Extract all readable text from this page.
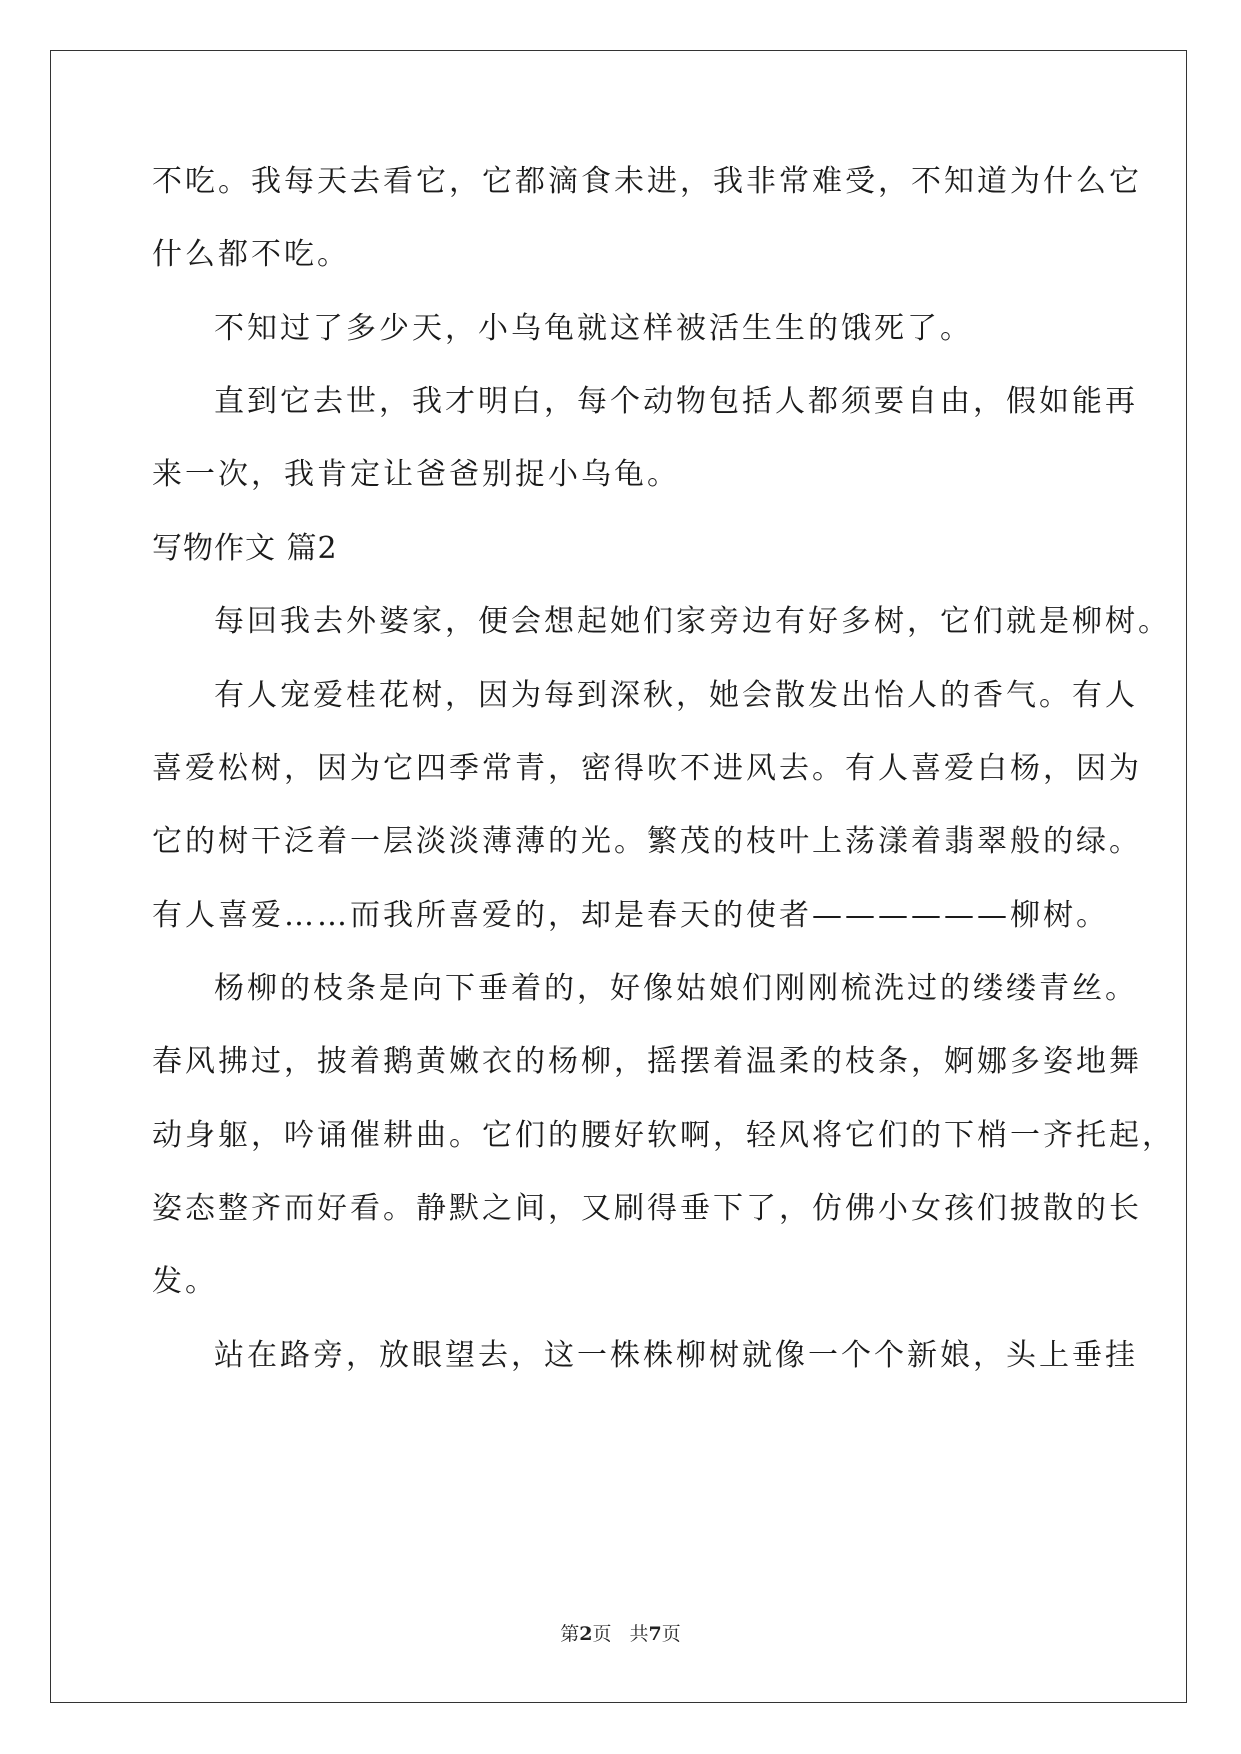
不吃。我每天去看它，它都滴食未进，我非常难受，不知道为什么它
什么都不吃。
不知过了多少天，小乌龟就这样被活生生的饿死了。
直到它去世，我才明白，每个动物包括人都须要自由，假如能再
来一次，我肯定让爸爸别捉小乌龟。
写物作文 篇2
每回我去外婆家，便会想起她们家旁边有好多树，它们就是柳树。
有人宠爱桂花树，因为每到深秋，她会散发出怡人的香气。有人
喜爱松树，因为它四季常青，密得吹不进风去。有人喜爱白杨，因为
它的树干泛着一层淡淡薄薄的光。繁茂的枝叶上荡漾着翡翠般的绿。
有人喜爱……而我所喜爱的，却是春天的使者——————柳树。
杨柳的枝条是向下垂着的，好像姑娘们刚刚梳洗过的缕缕青丝。
春风拂过，披着鹅黄嫩衣的杨柳，摇摆着温柔的枝条，婀娜多姿地舞
动身躯，吟诵催耕曲。它们的腰好软啊，轻风将它们的下梢一齐托起，
姿态整齐而好看。静默之间，又刷得垂下了，仿佛小女孩们披散的长
发。
站在路旁，放眼望去，这一株株柳树就像一个个新娘，头上垂挂
第2页 共7页
